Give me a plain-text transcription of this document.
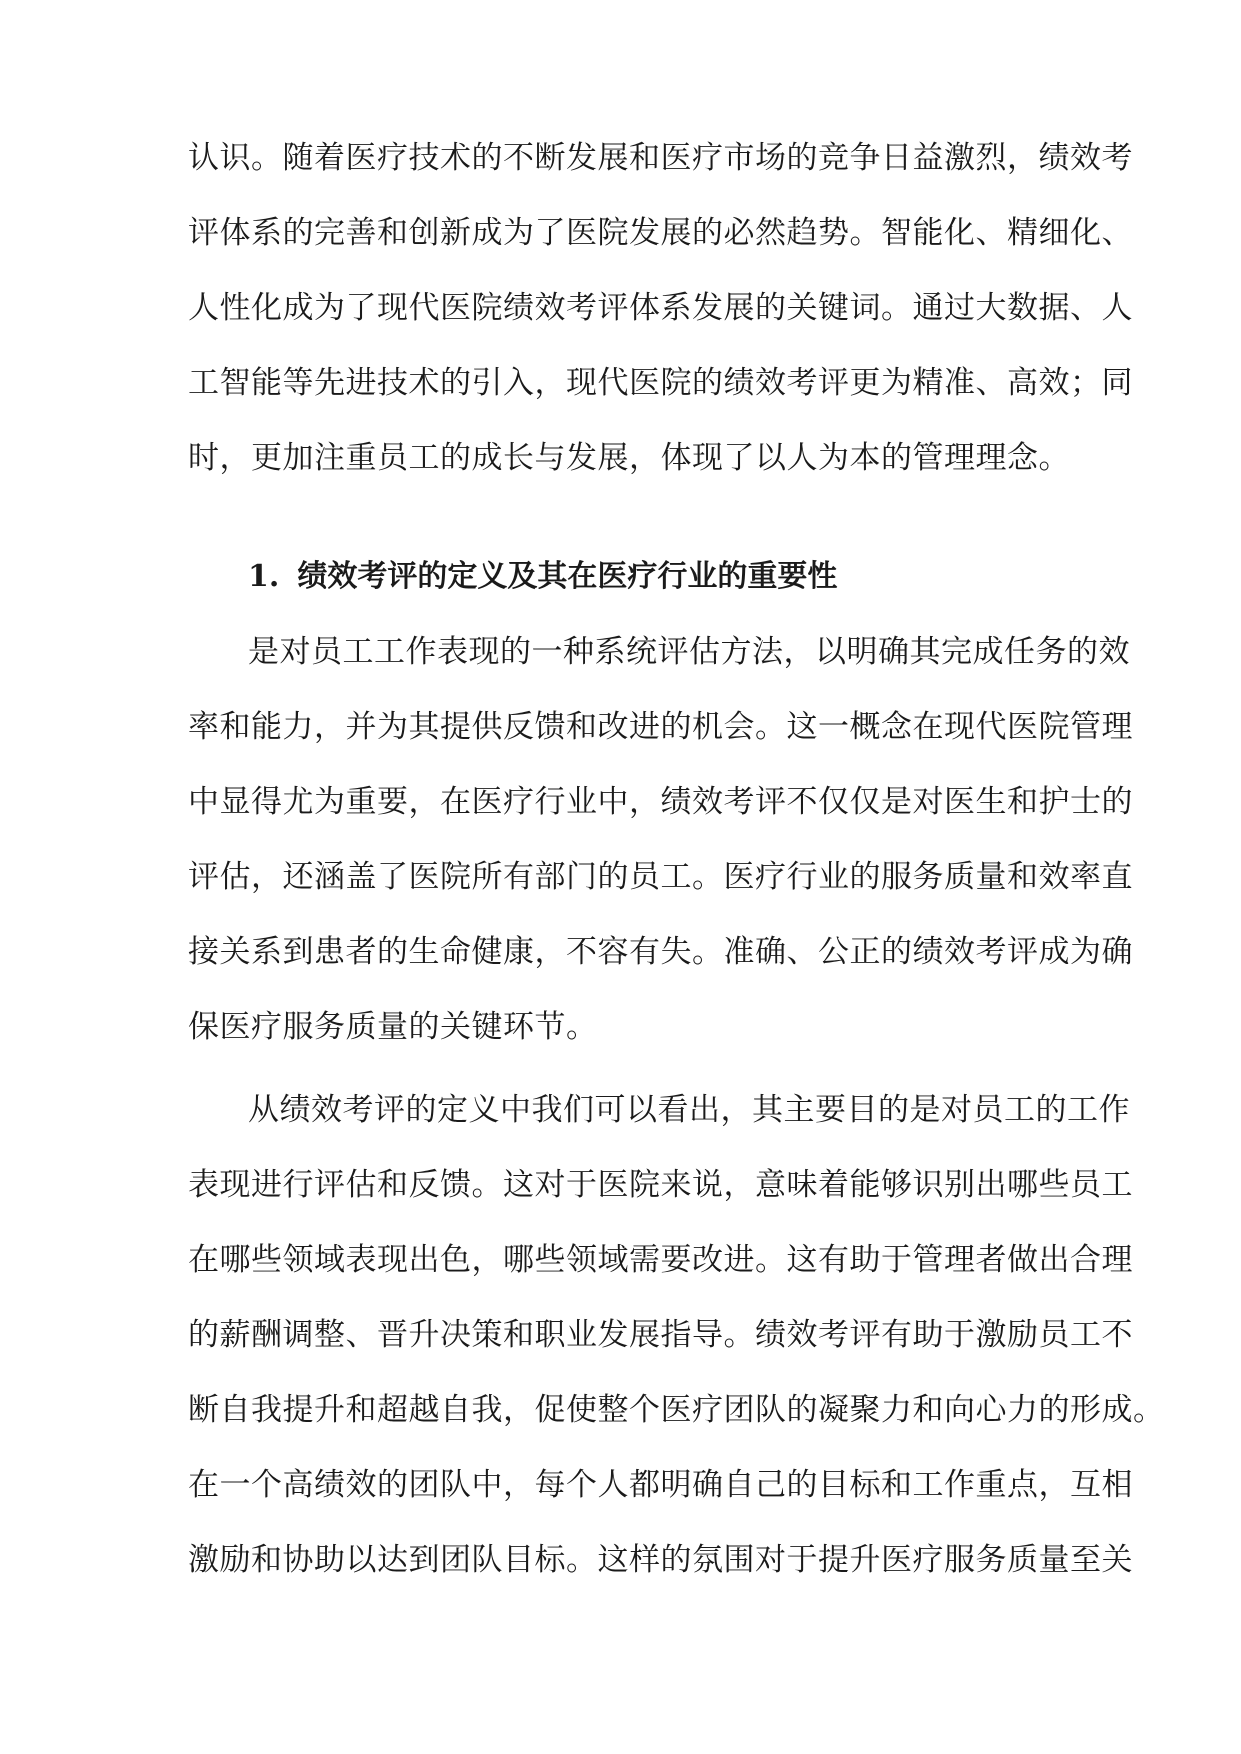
认识。随着医疗技术的不断发展和医疗市场的竞争日益激烈，绩效考
评体系的完善和创新成为了医院发展的必然趋势。智能化、精细化、
人性化成为了现代医院绩效考评体系发展的关键词。通过大数据、人
工智能等先进技术的引入，现代医院的绩效考评更为精准、高效；同
时，更加注重员工的成长与发展，体现了以人为本的管理理念。
1. 绩效考评的定义及其在医疗行业的重要性
是对员工工作表现的一种系统评估方法，以明确其完成任务的效
率和能力，并为其提供反馈和改进的机会。这一概念在现代医院管理
中显得尤为重要，在医疗行业中，绩效考评不仅仅是对医生和护士的
评估，还涵盖了医院所有部门的员工。医疗行业的服务质量和效率直
接关系到患者的生命健康，不容有失。准确、公正的绩效考评成为确
保医疗服务质量的关键环节。
从绩效考评的定义中我们可以看出，其主要目的是对员工的工作
表现进行评估和反馈。这对于医院来说，意味着能够识别出哪些员工
在哪些领域表现出色，哪些领域需要改进。这有助于管理者做出合理
的薪酬调整、晋升决策和职业发展指导。绩效考评有助于激励员工不
断自我提升和超越自我，促使整个医疗团队的凝聚力和向心力的形成。
在一个高绩效的团队中，每个人都明确自己的目标和工作重点，互相
激励和协助以达到团队目标。这样的氛围对于提升医疗服务质量至关
